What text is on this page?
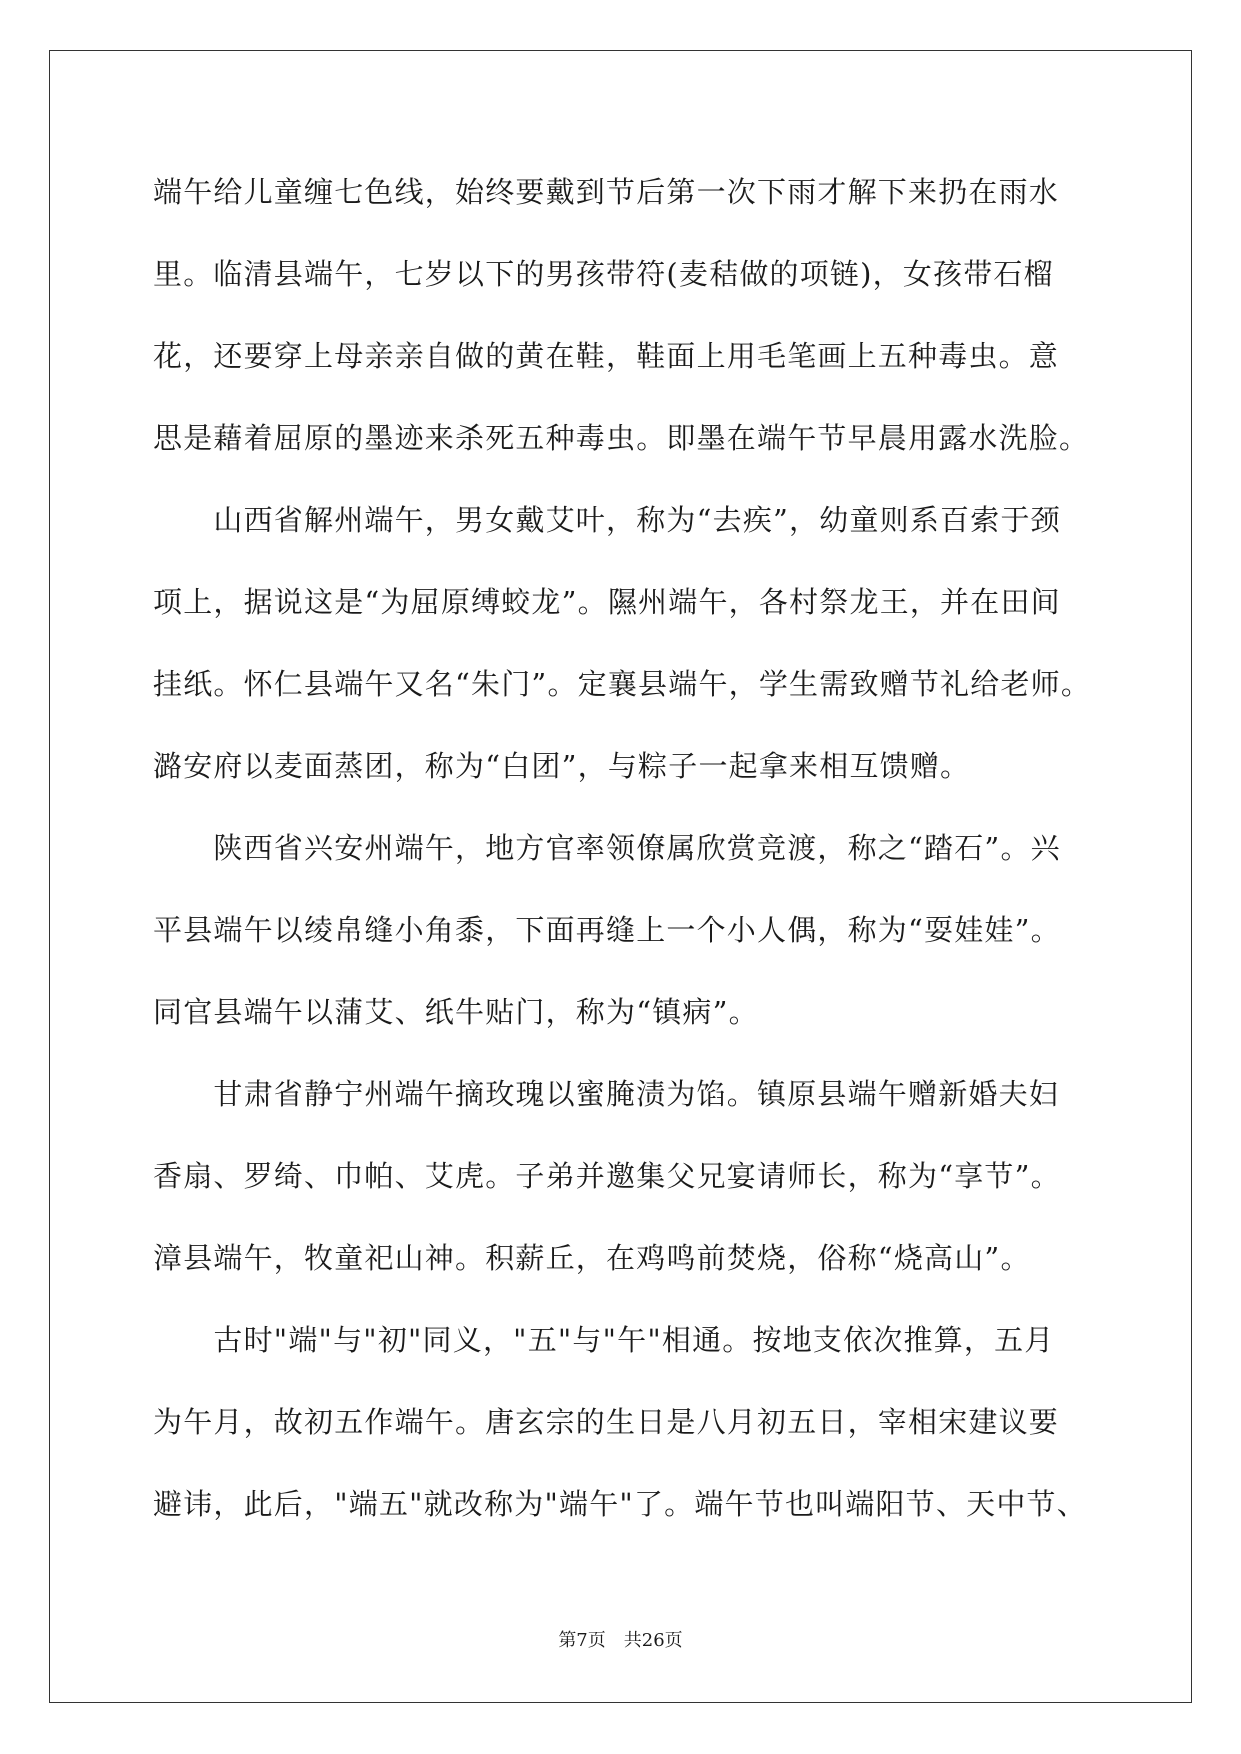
端午给儿童缠七色线，始终要戴到节后第一次下雨才解下来扔在雨水
里。临清县端午，七岁以下的男孩带符(麦秸做的项链)，女孩带石榴
花，还要穿上母亲亲自做的黄在鞋，鞋面上用毛笔画上五种毒虫。意
思是藉着屈原的墨迹来杀死五种毒虫。即墨在端午节早晨用露水洗脸。
　　山西省解州端午，男女戴艾叶，称为“去疾”，幼童则系百索于颈
项上，据说这是“为屈原缚蛟龙”。隰州端午，各村祭龙王，并在田间
挂纸。怀仁县端午又名“朱门”。定襄县端午，学生需致赠节礼给老师。
潞安府以麦面蒸团，称为“白团”，与粽子一起拿来相互馈赠。
　　陕西省兴安州端午，地方官率领僚属欣赏竞渡，称之“踏石”。兴
平县端午以绫帛缝小角黍，下面再缝上一个小人偶，称为“耍娃娃”。
同官县端午以蒲艾、纸牛贴门，称为“镇病”。
　　甘肃省静宁州端午摘玫瑰以蜜腌渍为馅。镇原县端午赠新婚夫妇
香扇、罗绮、巾帕、艾虎。子弟并邀集父兄宴请师长，称为“享节”。
漳县端午，牧童祀山神。积薪丘，在鸡鸣前焚烧，俗称“烧高山”。
　　古时"端"与"初"同义，"五"与"午"相通。按地支依次推算，五月
为午月，故初五作端午。唐玄宗的生日是八月初五日，宰相宋建议要
避讳，此后，"端五"就改称为"端午"了。端午节也叫端阳节、天中节、
第7页　共26页
